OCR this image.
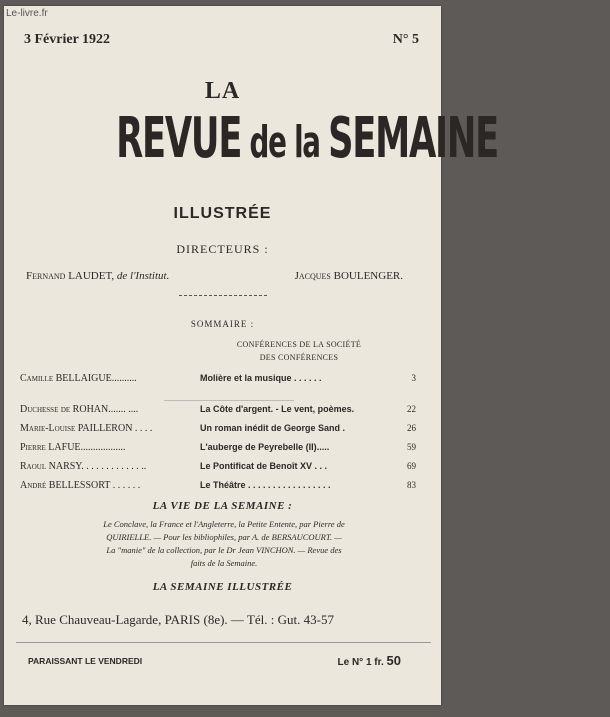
Le-livre.fr
3 Février 1922	N° 5
LA
REVUE de la SEMAINE
ILLUSTRÉE
DIRECTEURS :
Fernand LAUDET, de l'Institut.	Jacques BOULENGER.
SOMMAIRE :
CONFÉRENCES DE LA SOCIÉTÉ
DES CONFÉRENCES
Camille BELLAIGUE..........	Molière et la musique . . . . . .	3
Duchesse de ROHAN....... ....	La Côte d'argent. - Le vent, poèmes.	22
Marie-Louise PAILLERON . . . .	Un roman inédit de George Sand .	26
Pierre LAFUE..................	L'auberge de Peyrebelle (II).....	59
Raoul NARSY. . . . . . . . . . . . ..	Le Pontificat de Benoît XV . . .	69
André BELLESSORT . . . . . .	Le Théâtre . . . . . . . . . . . . . . . . .	83
LA VIE DE LA SEMAINE :
Le Conclave, la France et l'Angleterre, la Petite Entente, par Pierre de
QUIRIELLE. — Pour les bibliophiles, par A. de BERSAUCOURT. —
La "manie" de la collection, par le Dr Jean VINCHON. — Revue des
faits de la Semaine.
LA SEMAINE ILLUSTRÉE
4, Rue Chauveau-Lagarde, PARIS (8e). — Tél. : Gut. 43-57
PARAISSANT LE VENDREDI	Le N° 1 fr. 50
